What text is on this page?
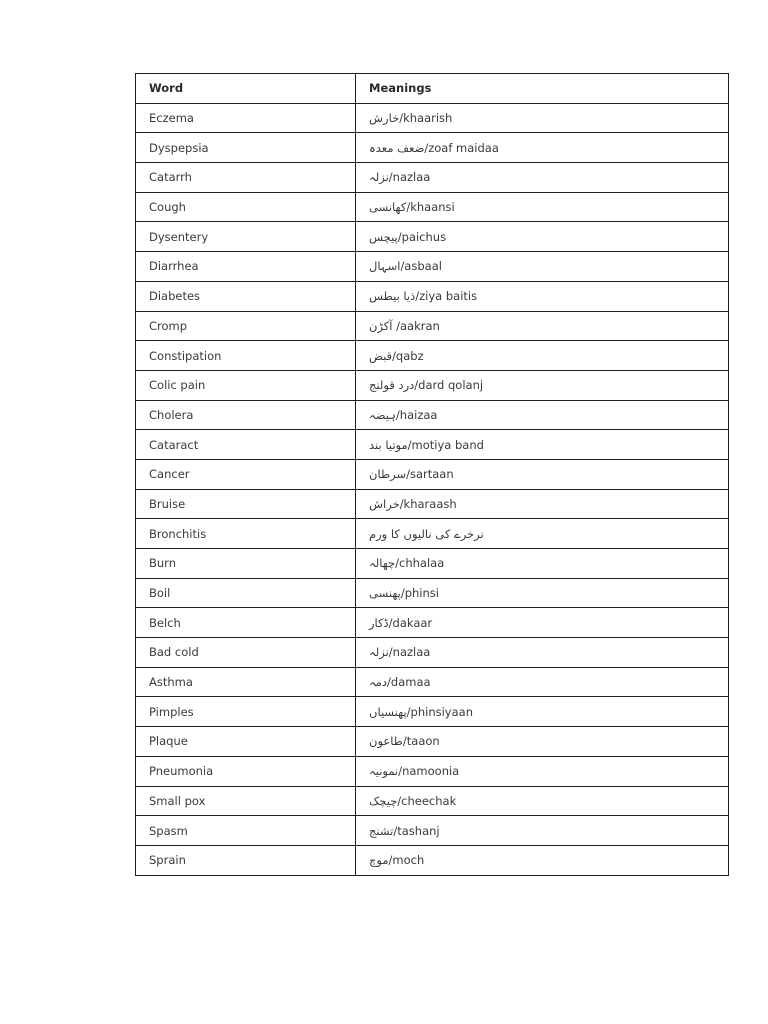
Word	Meanings
Eczema	خارش/khaarish
Dyspepsia	ضعف معدہ/zoaf maidaa
Catarrh	نزلہ/nazlaa
Cough	کھانسی/khaansi
Dysentery	پیچس/paichus
Diarrhea	اسہال/asbaal
Diabetes	ذیا بیطس/ziya baitis
Cromp	آکڑن /aakran
Constipation	قبض/qabz
Colic pain	درد قولنج/dard qolanj
Cholera	ہیضہ/haizaa
Cataract	موتیا بند/motiya band
Cancer	سرطان/sartaan
Bruise	خراش/kharaash
Bronchitis	نرخرے کی نالیوں کا ورم
Burn	چھالہ/chhalaa
Boil	پھنسی/phinsi
Belch	ڈکار/dakaar
Bad cold	نزلہ/nazlaa
Asthma	دمہ/damaa
Pimples	پھنسیاں/phinsiyaan
Plaque	طاعون/taaon
Pneumonia	نمونیہ/namoonia
Small pox	چیچک/cheechak
Spasm	تشنج/tashanj
Sprain	موچ/moch
